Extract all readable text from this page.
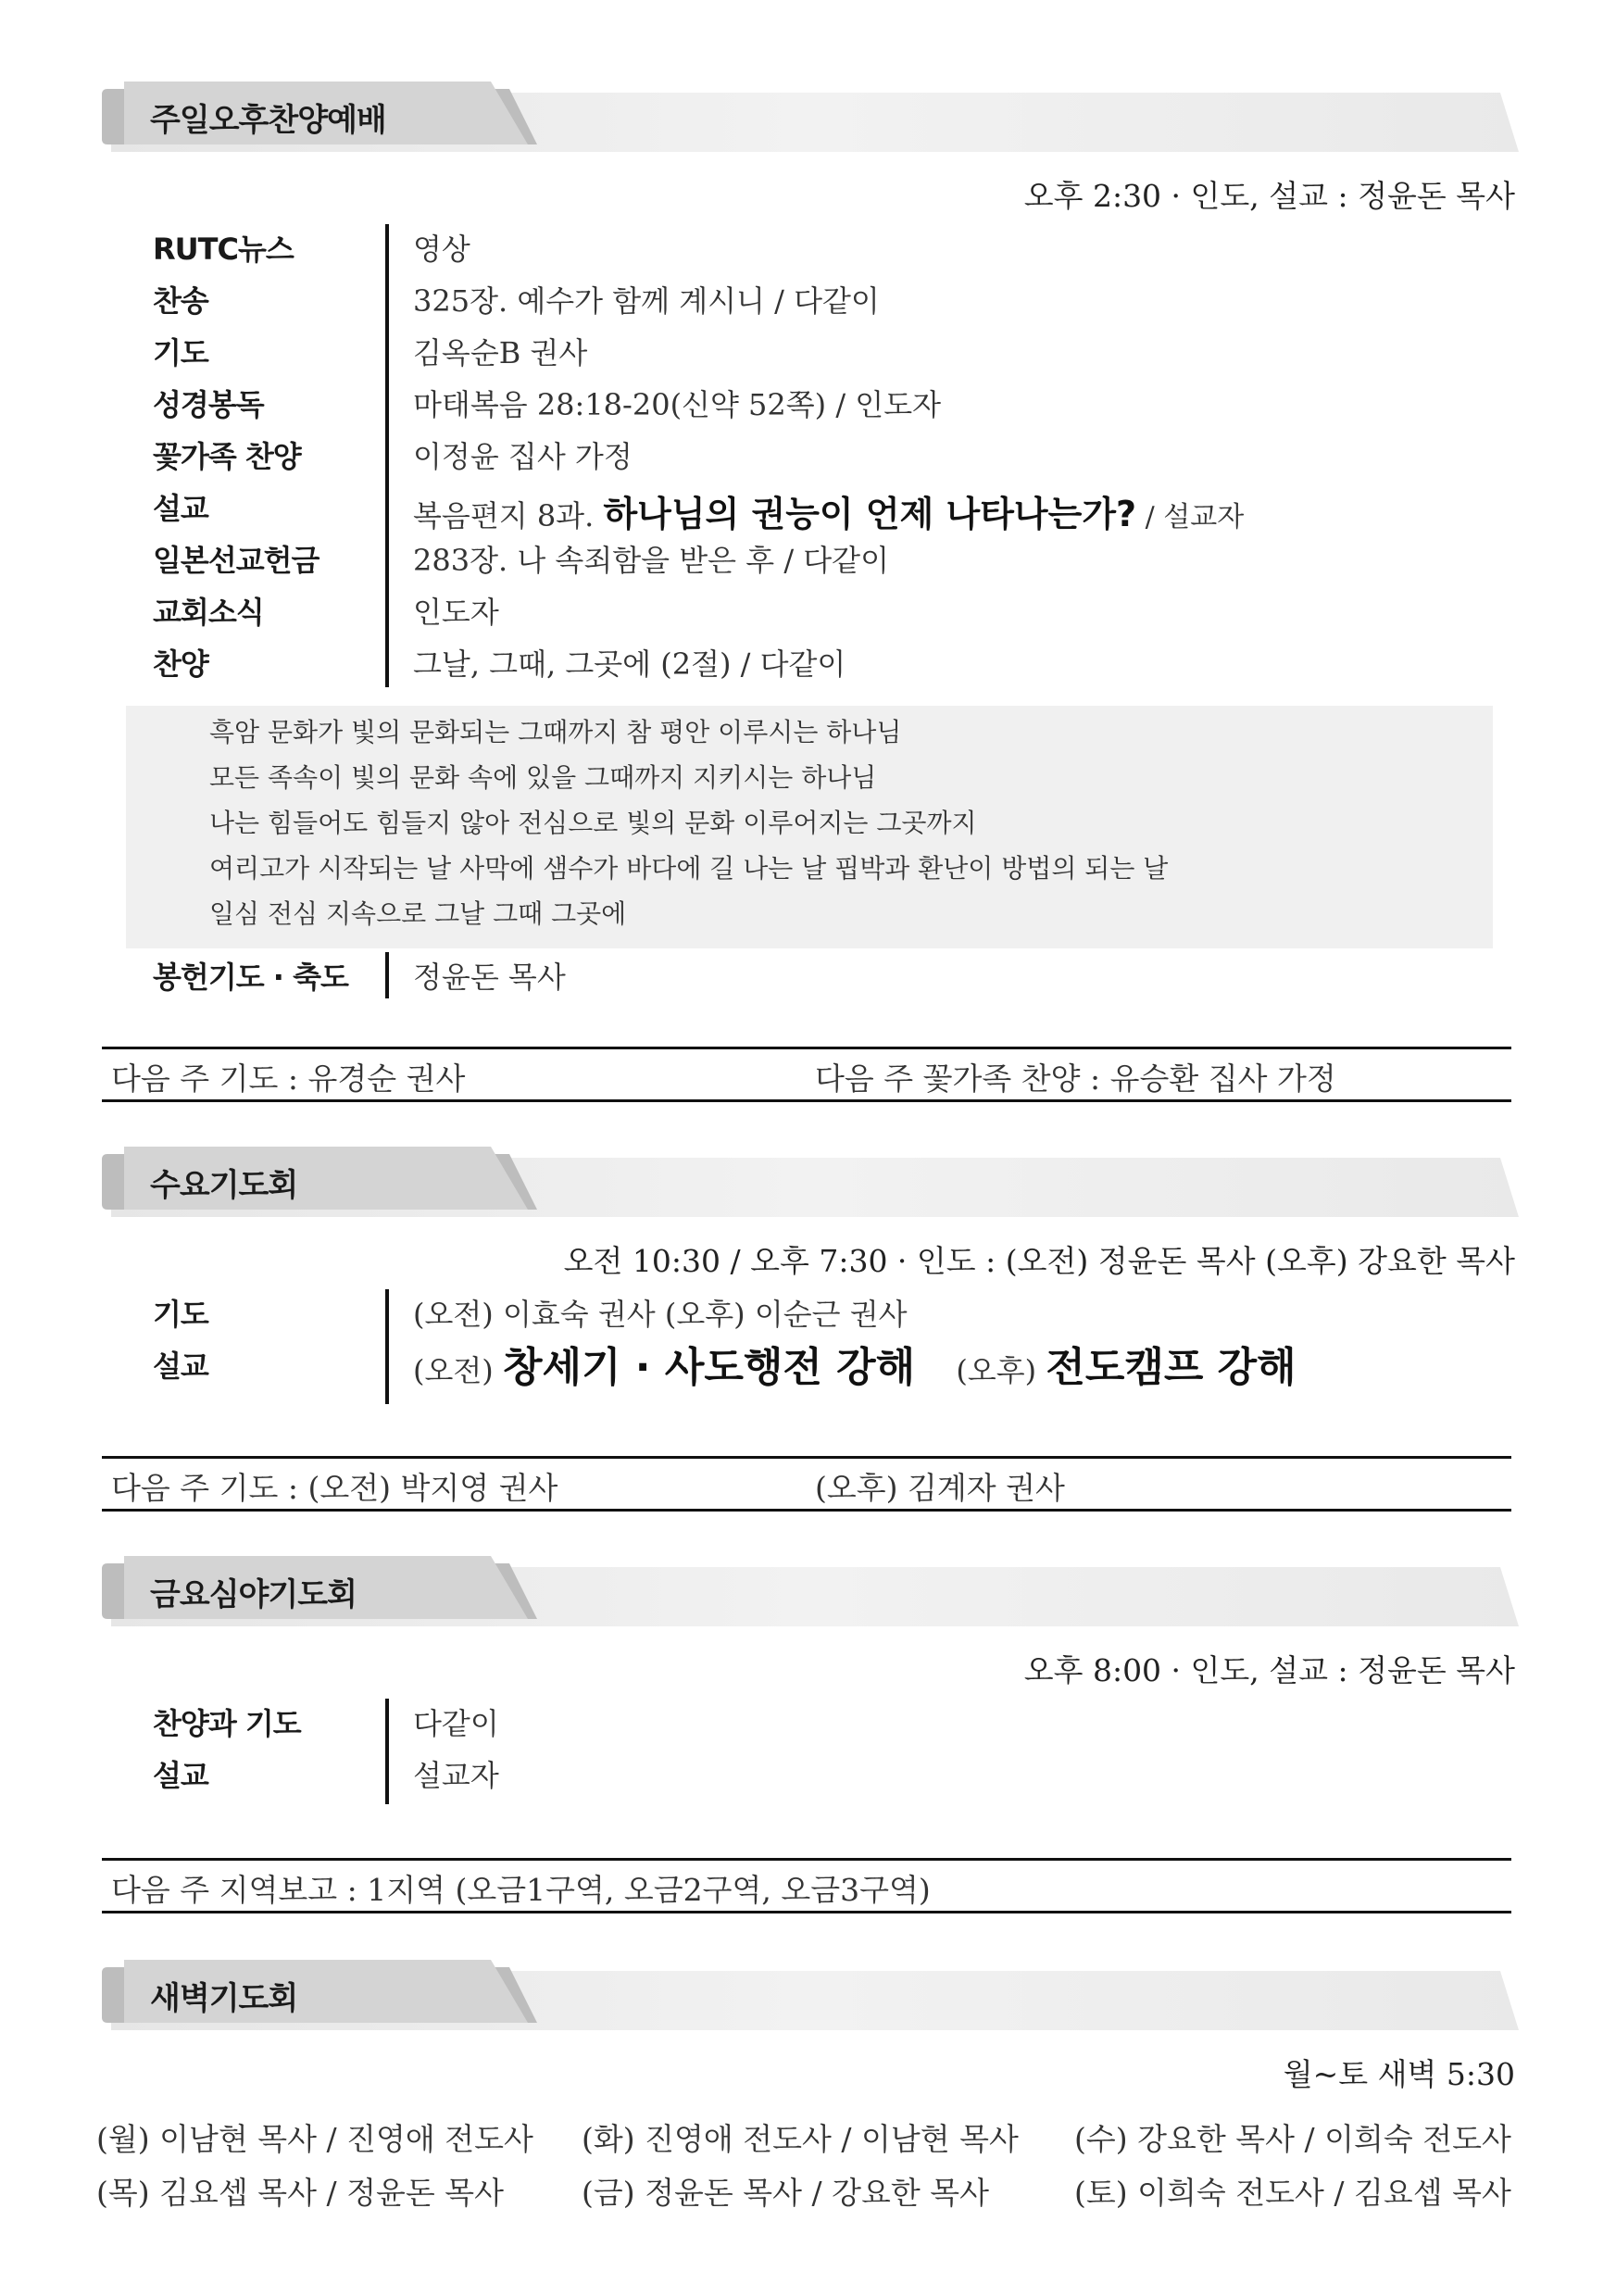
주일오후찬양예배
오후 2:30 · 인도, 설교 : 정윤돈 목사
RUTC뉴스	영상
찬송	325장. 예수가 함께 계시니 / 다같이
기도	김옥순B 권사
성경봉독	마태복음 28:18-20(신약 52쪽) / 인도자
꽃가족 찬양	이정윤 집사 가정
설교	복음편지 8과. 하나님의 권능이 언제 나타나는가? / 설교자
일본선교헌금	283장. 나 속죄함을 받은 후 / 다같이
교회소식	인도자
찬양	그날, 그때, 그곳에 (2절) / 다같이
흑암 문화가 빛의 문화되는 그때까지 참 평안 이루시는 하나님
모든 족속이 빛의 문화 속에 있을 그때까지 지키시는 하나님
나는 힘들어도 힘들지 않아 전심으로 빛의 문화 이루어지는 그곳까지
여리고가 시작되는 날 사막에 샘수가 바다에 길 나는 날 핍박과 환난이 방법의 되는 날
일심 전심 지속으로 그날 그때 그곳에
봉헌기도 · 축도 정윤돈 목사
다음 주 기도 : 유경순 권사	다음 주 꽃가족 찬양 : 유승환 집사 가정
수요기도회
오전 10:30 / 오후 7:30 · 인도 : (오전) 정윤돈 목사 (오후) 강요한 목사
기도	(오전) 이효숙 권사 (오후) 이순근 권사
설교	(오전) 창세기 · 사도행전 강해 (오후) 전도캠프 강해
다음 주 기도 : (오전) 박지영 권사	(오후) 김계자 권사
금요심야기도회
오후 8:00 · 인도, 설교 : 정윤돈 목사
찬양과 기도	다같이
설교	설교자
다음 주 지역보고 : 1지역 (오금1구역, 오금2구역, 오금3구역)
새벽기도회
월~토 새벽 5:30
(월) 이남현 목사 / 진영애 전도사 (화) 진영애 전도사 / 이남현 목사 (수) 강요한 목사 / 이희숙 전도사
(목) 김요셉 목사 / 정윤돈 목사	(금) 정윤돈 목사 / 강요한 목사	(토) 이희숙 전도사 / 김요셉 목사
